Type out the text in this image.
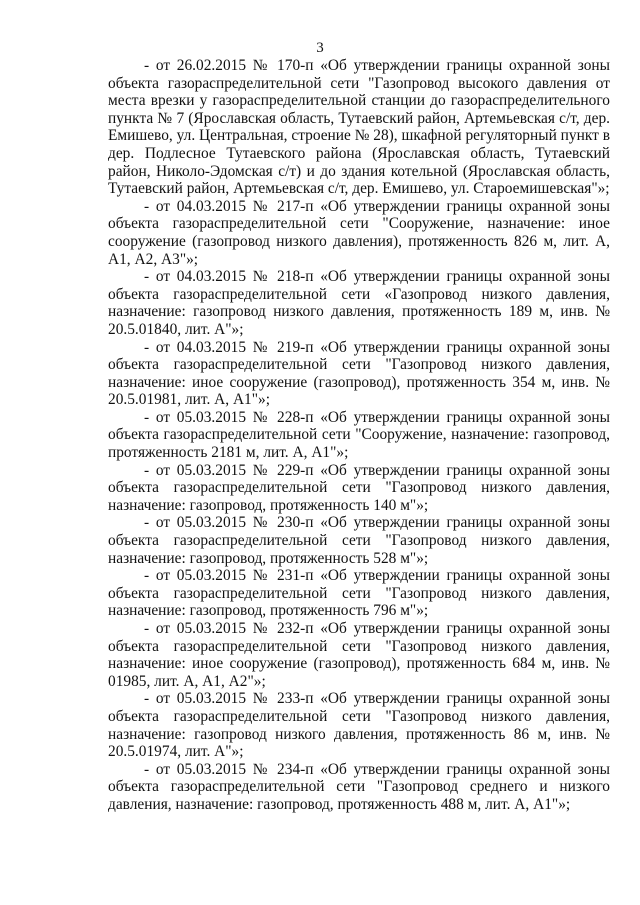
3

- от 26.02.2015 № 170-п «Об утверждении границы охранной зоны объекта газораспределительной сети "Газопровод высокого давления от места врезки у газораспределительной станции до газораспределительного пункта № 7 (Ярославская область, Тутаевский район, Артемьевская с/т, дер. Емишево, ул. Центральная, строение № 28), шкафной регуляторный пункт в дер. Подлесное Тутаевского района (Ярославская область, Тутаевский район, Николо-Эдомская с/т) и до здания котельной (Ярославская область, Тутаевский район, Артемьевская с/т, дер. Емишево, ул. Староемишевская"»;

- от 04.03.2015 № 217-п «Об утверждении границы охранной зоны объекта газораспределительной сети "Сооружение, назначение: иное сооружение (газопровод низкого давления), протяженность 826 м, лит. А, А1, А2, А3"»;

- от 04.03.2015 № 218-п «Об утверждении границы охранной зоны объекта газораспределительной сети «Газопровод низкого давления, назначение: газопровод низкого давления, протяженность 189 м, инв. № 20.5.01840, лит. А"»;

- от 04.03.2015 № 219-п «Об утверждении границы охранной зоны объекта газораспределительной сети "Газопровод низкого давления, назначение: иное сооружение (газопровод), протяженность 354 м, инв. № 20.5.01981, лит. А, А1"»;

- от 05.03.2015 № 228-п «Об утверждении границы охранной зоны объекта газораспределительной сети "Сооружение, назначение: газопровод, протяженность 2181 м, лит. А, А1"»;

- от 05.03.2015 № 229-п «Об утверждении границы охранной зоны объекта газораспределительной сети "Газопровод низкого давления, назначение: газопровод, протяженность 140 м"»;

- от 05.03.2015 № 230-п «Об утверждении границы охранной зоны объекта газораспределительной сети "Газопровод низкого давления, назначение: газопровод, протяженность 528 м"»;

- от 05.03.2015 № 231-п «Об утверждении границы охранной зоны объекта газораспределительной сети "Газопровод низкого давления, назначение: газопровод, протяженность 796 м"»;

- от 05.03.2015 № 232-п «Об утверждении границы охранной зоны объекта газораспределительной сети "Газопровод низкого давления, назначение: иное сооружение (газопровод), протяженность 684 м, инв. № 01985, лит. А, А1, А2"»;

- от 05.03.2015 № 233-п «Об утверждении границы охранной зоны объекта газораспределительной сети "Газопровод низкого давления, назначение: газопровод низкого давления, протяженность 86 м, инв. № 20.5.01974, лит. А"»;

- от 05.03.2015 № 234-п «Об утверждении границы охранной зоны объекта газораспределительной сети "Газопровод среднего и низкого давления, назначение: газопровод, протяженность 488 м, лит. А, А1"»;
